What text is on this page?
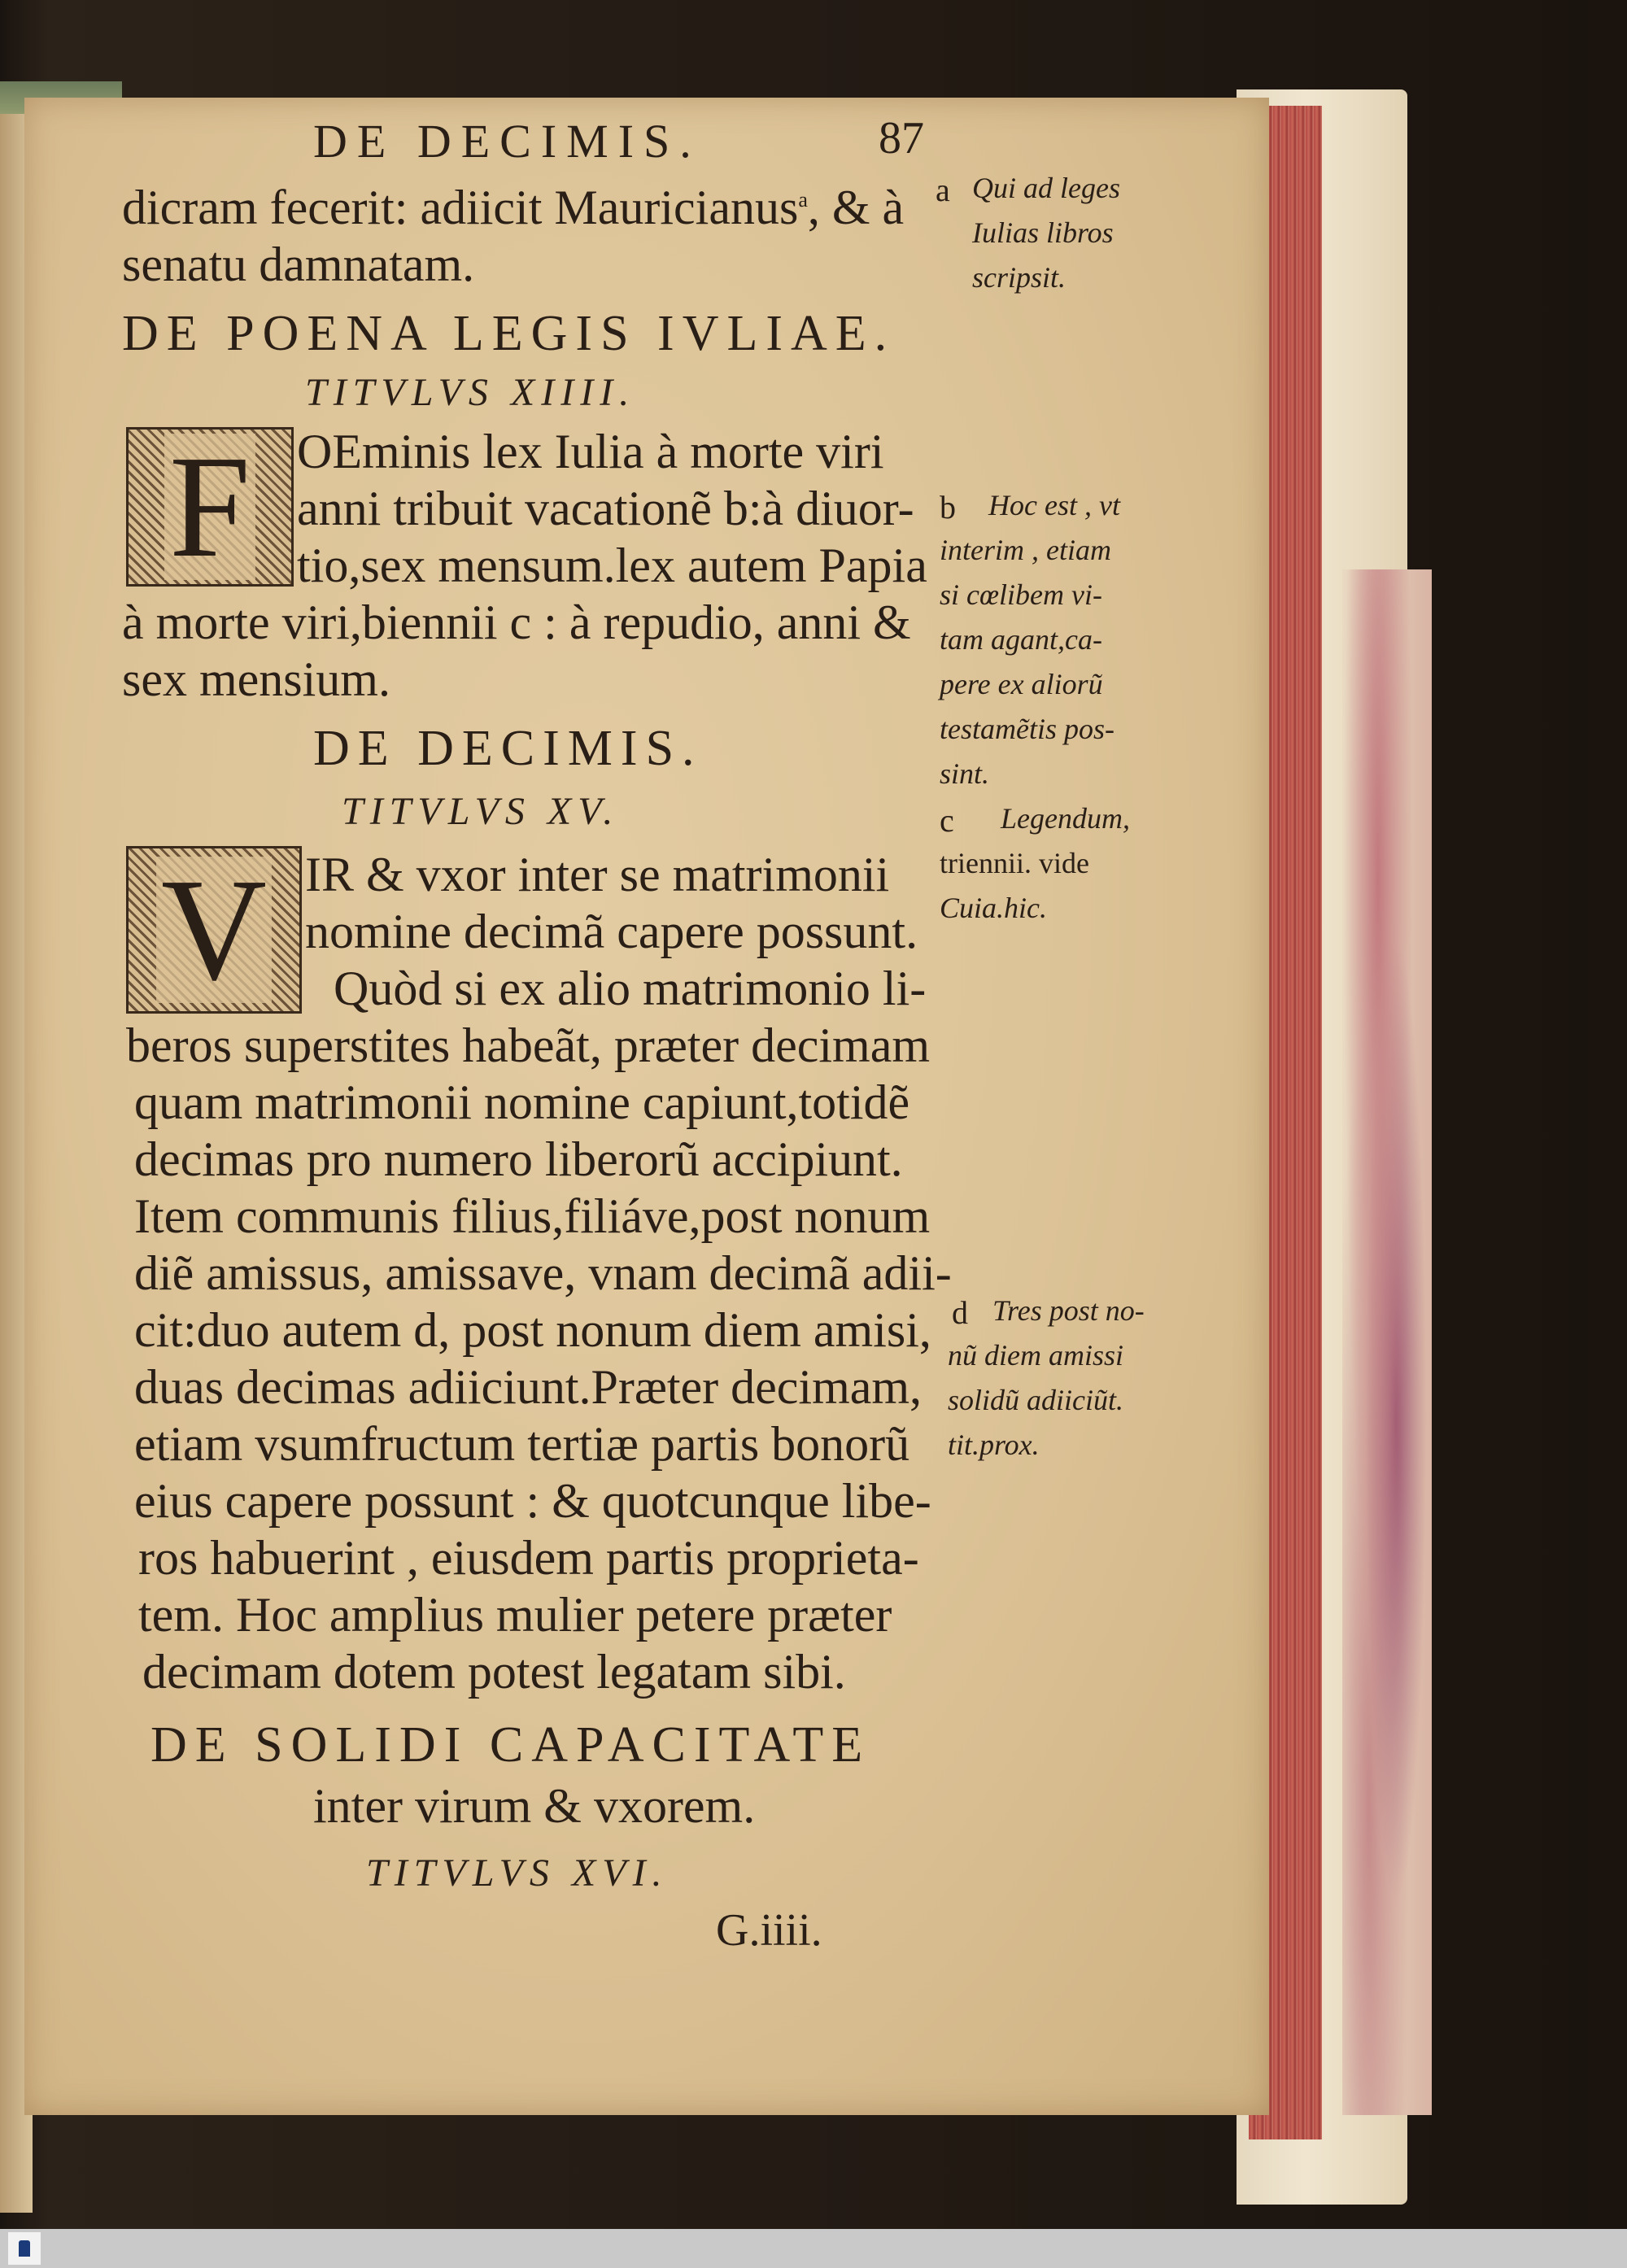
DE DECIMIS.	87
dicram fecerit: adiicit Mauricianus$^a$, & à
senatu damnatam.
DE POENA LEGIS IVLIAE.
TITVLVS XIIII.
F OEminis lex Iulia à morte viri
anni tribuit vacationẽ b:à diuor-
tio,sex mensum.lex autem Papia
à morte viri,biennii c : à repudio, anni &
sex mensium.
DE DECIMIS.
TITVLVS XV.
V IR & vxor inter se matrimonii
nomine decimã capere possunt.
Quòd si ex alio matrimonio li-
beros superstites habeãt, præter decimam
quam matrimonii nomine capiunt,totidẽ
decimas pro numero liberorũ accipiunt.
Item communis filius,filiáve,post nonum
diẽ amissus, amissave, vnam decimã adii-
cit:duo autem d, post nonum diem amisi,
duas decimas adiiciunt.Præter decimam,
etiam vsumfructum tertiæ partis bonorũ
eius capere possunt : & quotcunque libe-
ros habuerint , eiusdem partis proprieta-
tem. Hoc amplius mulier petere præter
decimam dotem potest legatam sibi.
DE SOLIDI CAPACITATE
inter virum & vxorem.
TITVLVS XVI.
G.iiii.
a Qui ad leges
Iulias libros
scripsit.
b Hoc est , vt
interim , etiam
si cœlibem vi-
tam agant,ca-
pere ex aliorũ
testamẽtis pos-
sint.
c Legendum,
triennii. vide
Cuia.hic.
d Tres post no-
nũ diem amissi
solidũ adiiciũt.
tit.prox.
